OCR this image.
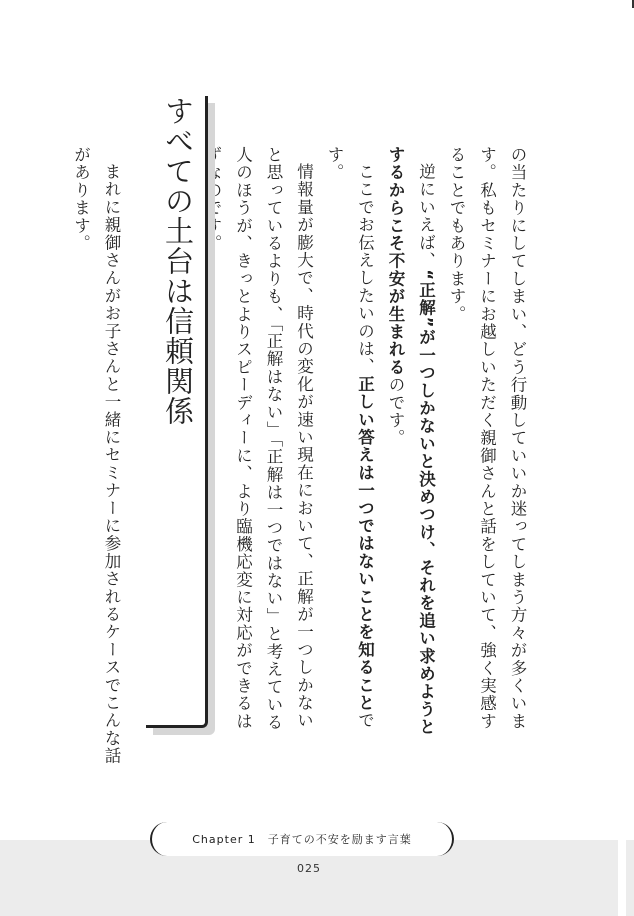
の当たりにしてしまい、どう行動していいか迷ってしまう方々が多くいます。私もセミナーにお越しいただく親御さんと話をしていて、強く実感することでもあります。

逆にいえば、“正解”が一つしかないと決めつけ、それを追い求めようとするからこそ不安が生まれるのです。

ここでお伝えしたいのは、正しい答えは一つではないことを知ることです。

情報量が膨大で、時代の変化が速い現在において、正解が一つしかないと思っているよりも、「正解はない」「正解は一つではない」と考えている人のほうが、きっとよりスピーディーに、より臨機応変に対応ができるはずなのです。

すべての土台は信頼関係

まれに親御さんがお子さんと一緒にセミナーに参加されるケースでこんな話があります。

Chapter 1 子育ての不安を励ます言葉
025
